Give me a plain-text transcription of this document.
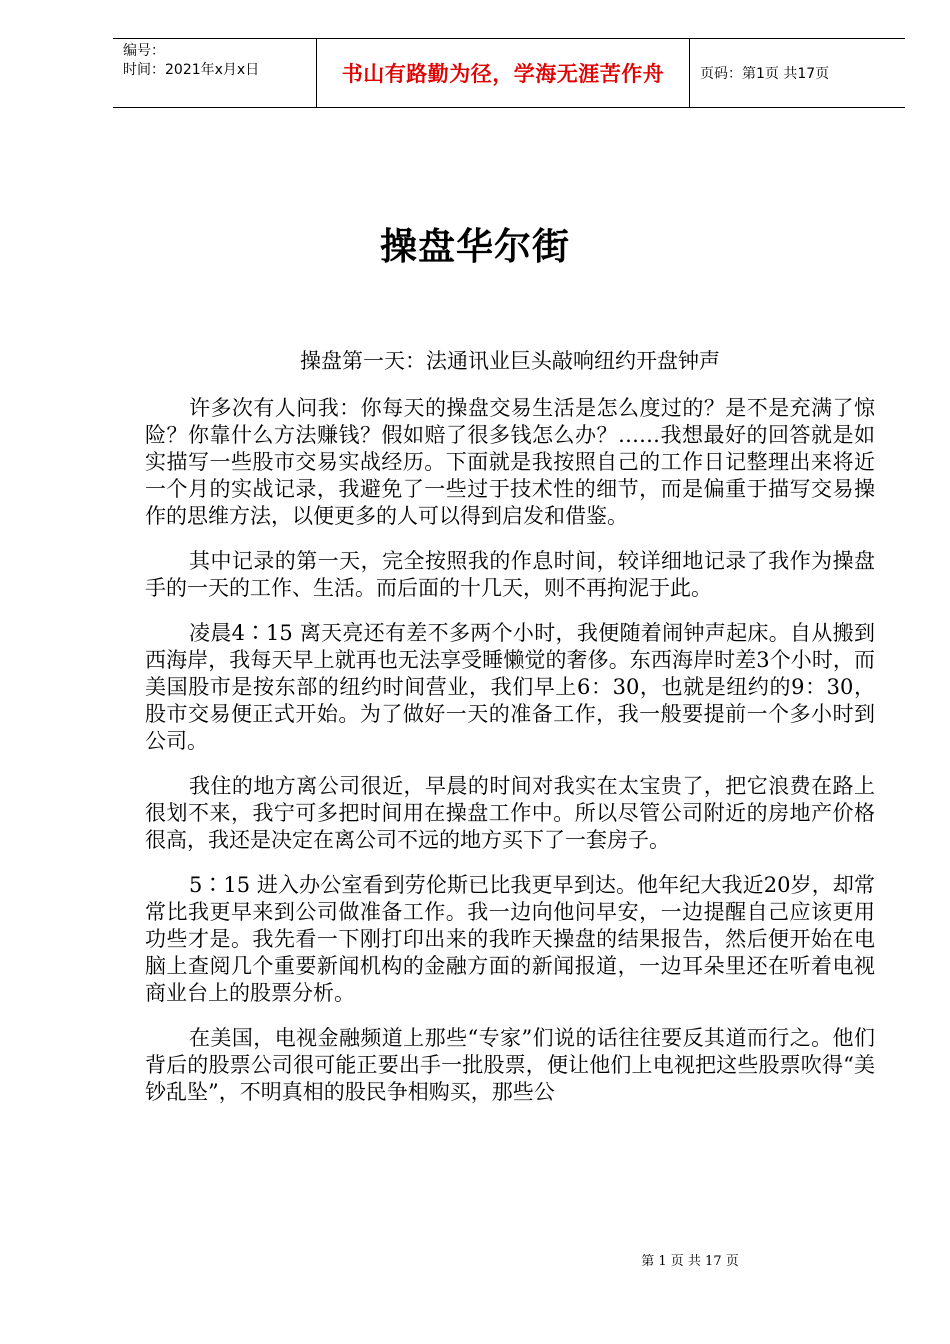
编号：
时间：2021年x月x日	书山有路勤为径，学海无涯苦作舟	页码：第1页 共17页
操盘华尔街
操盘第一天：法通讯业巨头敲响纽约开盘钟声

许多次有人问我：你每天的操盘交易生活是怎么度过的？是不是充满了惊险？你靠什么方法赚钱？假如赔了很多钱怎么办？……我想最好的回答就是如实描写一些股市交易实战经历。下面就是我按照自己的工作日记整理出来将近一个月的实战记录，我避免了一些过于技术性的细节，而是偏重于描写交易操作的思维方法，以便更多的人可以得到启发和借鉴。

其中记录的第一天，完全按照我的作息时间，较详细地记录了我作为操盘手的一天的工作、生活。而后面的十几天，则不再拘泥于此。

凌晨4∶15 离天亮还有差不多两个小时，我便随着闹钟声起床。自从搬到西海岸，我每天早上就再也无法享受睡懒觉的奢侈。东西海岸时差3个小时，而美国股市是按东部的纽约时间营业，我们早上6：30，也就是纽约的9：30，股市交易便正式开始。为了做好一天的准备工作，我一般要提前一个多小时到公司。

我住的地方离公司很近，早晨的时间对我实在太宝贵了，把它浪费在路上很划不来，我宁可多把时间用在操盘工作中。所以尽管公司附近的房地产价格很高，我还是决定在离公司不远的地方买下了一套房子。

5∶15 进入办公室看到劳伦斯已比我更早到达。他年纪大我近20岁，却常常比我更早来到公司做准备工作。我一边向他问早安，一边提醒自己应该更用功些才是。我先看一下刚打印出来的我昨天操盘的结果报告，然后便开始在电脑上查阅几个重要新闻机构的金融方面的新闻报道，一边耳朵里还在听着电视商业台上的股票分析。

在美国，电视金融频道上那些“专家”们说的话往往要反其道而行之。他们背后的股票公司很可能正要出手一批股票，便让他们上电视把这些股票吹得“美钞乱坠”，不明真相的股民争相购买，那些公

第 1 页 共 17 页
